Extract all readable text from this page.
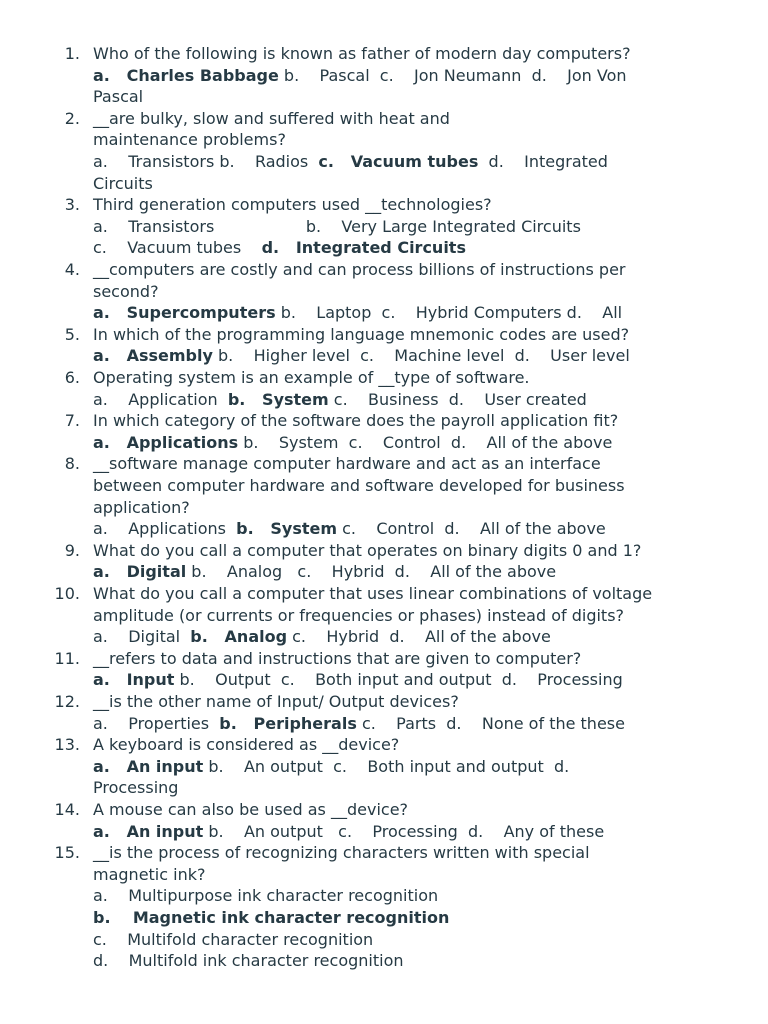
1. Who of the following is known as father of modern day computers?
a.   Charles Babbage b.    Pascal  c.    Jon Neumann  d.    Jon Von
Pascal
2. __are bulky, slow and suffered with heat and
maintenance problems?
a.    Transistors b.    Radios  c.   Vacuum tubes  d.    Integrated
Circuits
3. Third generation computers used __technologies?
a.    Transistors                  b.    Very Large Integrated Circuits
c.    Vacuum tubes    d.   Integrated Circuits
4. __computers are costly and can process billions of instructions per
second?
a.   Supercomputers b.    Laptop  c.    Hybrid Computers d.    All
5. In which of the programming language mnemonic codes are used?
a.   Assembly b.    Higher level  c.    Machine level  d.    User level
6. Operating system is an example of __type of software.
a.    Application  b.   System c.    Business  d.    User created
7. In which category of the software does the payroll application fit?
a.   Applications b.    System  c.    Control  d.    All of the above
8. __software manage computer hardware and act as an interface
between computer hardware and software developed for business
application?
a.    Applications  b.   System c.    Control  d.    All of the above
9. What do you call a computer that operates on binary digits 0 and 1?
a.   Digital b.    Analog   c.    Hybrid  d.    All of the above
10. What do you call a computer that uses linear combinations of voltage
amplitude (or currents or frequencies or phases) instead of digits?
a.    Digital  b.   Analog c.    Hybrid  d.    All of the above
11. __refers to data and instructions that are given to computer?
a.   Input b.    Output  c.    Both input and output  d.    Processing
12. __is the other name of Input/ Output devices?
a.    Properties  b.   Peripherals c.    Parts  d.    None of the these
13. A keyboard is considered as __device?
a.   An input b.    An output  c.    Both input and output  d.
Processing
14. A mouse can also be used as __device?
a.   An input b.    An output   c.    Processing  d.    Any of these
15. __is the process of recognizing characters written with special
magnetic ink?
a.    Multipurpose ink character recognition
b.    Magnetic ink character recognition
c.    Multifold character recognition
d.    Multifold ink character recognition
